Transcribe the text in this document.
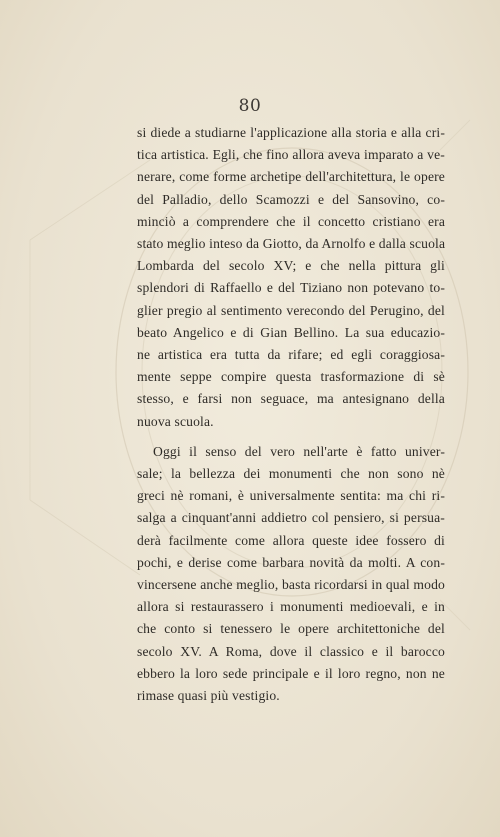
80
si diede a studiarne l'applicazione alla storia e alla cri-
tica artistica. Egli, che fino allora aveva imparato a ve-
nerare, come forme archetipe dell'architettura, le opere
del Palladio, dello Scamozzi e del Sansovino, co-
minciò a comprendere che il concetto cristiano era
stato meglio inteso da Giotto, da Arnolfo e dalla scuola
Lombarda del secolo XV; e che nella pittura gli
splendori di Raffaello e del Tiziano non potevano to-
glier pregio al sentimento verecondo del Perugino, del
beato Angelico e di Gian Bellino. La sua educazio-
ne artistica era tutta da rifare; ed egli coraggiosa-
mente seppe compire questa trasformazione di sè
stesso, e farsi non seguace, ma antesignano della
nuova scuola.
Oggi il senso del vero nell'arte è fatto univer-
sale; la bellezza dei monumenti che non sono nè
greci nè romani, è universalmente sentita: ma chi ri-
salga a cinquant'anni addietro col pensiero, si persua-
derà facilmente come allora queste idee fossero di
pochi, e derise come barbara novità da molti. A con-
vincersene anche meglio, basta ricordarsi in qual modo
allora si restaurassero i monumenti medioevali, e in
che conto si tenessero le opere architettoniche del
secolo XV. A Roma, dove il classico e il barocco
ebbero la loro sede principale e il loro regno, non ne
rimase quasi più vestigio.
